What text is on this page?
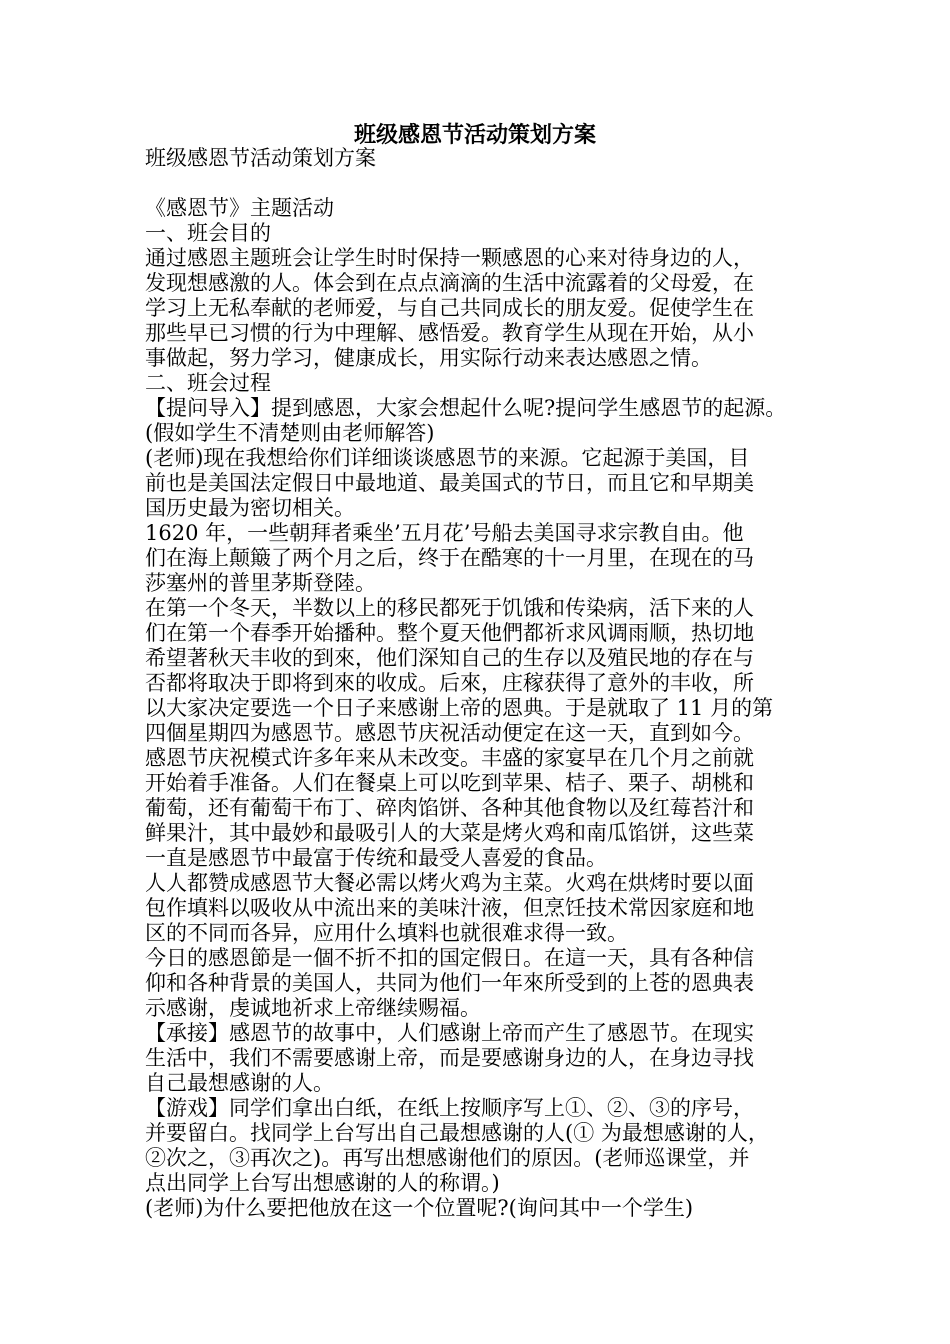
班级感恩节活动策划方案

班级感恩节活动策划方案

《感恩节》主题活动

一、班会目的

通过感恩主题班会让学生时时保持一颗感恩的心来对待身边的人，

发现想感激的人。体会到在点点滴滴的生活中流露着的父母爱，在

学习上无私奉献的老师爱，与自己共同成长的朋友爱。促使学生在

那些早已习惯的行为中理解、感悟爱。教育学生从现在开始，从小

事做起，努力学习，健康成长，用实际行动来表达感恩之情。

二、班会过程

【提问导入】提到感恩，大家会想起什么呢?提问学生感恩节的起源。

(假如学生不清楚则由老师解答)

(老师)现在我想给你们详细谈谈感恩节的来源。它起源于美国，目

前也是美国法定假日中最地道、最美国式的节日，而且它和早期美

国历史最为密切相关。

1620 年，一些朝拜者乘坐’五月花’号船去美国寻求宗教自由。他

们在海上颠簸了两个月之后，终于在酷寒的十一月里，在现在的马

莎塞州的普里茅斯登陸。

在第一个冬天，半数以上的移民都死于饥饿和传染病，活下来的人

们在第一个春季开始播种。整个夏天他們都祈求风调雨顺，热切地

希望著秋天丰收的到來，他们深知自己的生存以及殖民地的存在与

否都将取决于即将到來的收成。后來，庄稼获得了意外的丰收，所

以大家决定要选一个日子来感谢上帝的恩典。于是就取了 11 月的第

四個星期四为感恩节。感恩节庆祝活动便定在这一天，直到如今。

感恩节庆祝模式许多年来从未改变。丰盛的家宴早在几个月之前就

开始着手准备。人们在餐桌上可以吃到苹果、桔子、栗子、胡桃和

葡萄，还有葡萄干布丁、碎肉馅饼、各种其他食物以及红莓苔汁和

鲜果汁，其中最妙和最吸引人的大菜是烤火鸡和南瓜馅饼，这些菜

一直是感恩节中最富于传统和最受人喜爱的食品。

人人都赞成感恩节大餐必需以烤火鸡为主菜。火鸡在烘烤时要以面

包作填料以吸收从中流出来的美味汁液，但烹饪技术常因家庭和地

区的不同而各异，应用什么填料也就很难求得一致。

今日的感恩節是一個不折不扣的国定假日。在這一天，具有各种信

仰和各种背景的美国人，共同为他们一年來所受到的上苍的恩典表

示感谢，虔诚地祈求上帝继续赐福。

【承接】感恩节的故事中，人们感谢上帝而产生了感恩节。在现实

生活中，我们不需要感谢上帝，而是要感谢身边的人，在身边寻找

自己最想感谢的人。

【游戏】同学们拿出白纸，在纸上按顺序写上①、②、③的序号，

并要留白。找同学上台写出自己最想感谢的人(① 为最想感谢的人，

②次之，③再次之)。再写出想感谢他们的原因。(老师巡课堂，并

点出同学上台写出想感谢的人的称谓。)

(老师)为什么要把他放在这一个位置呢?(询问其中一个学生)
